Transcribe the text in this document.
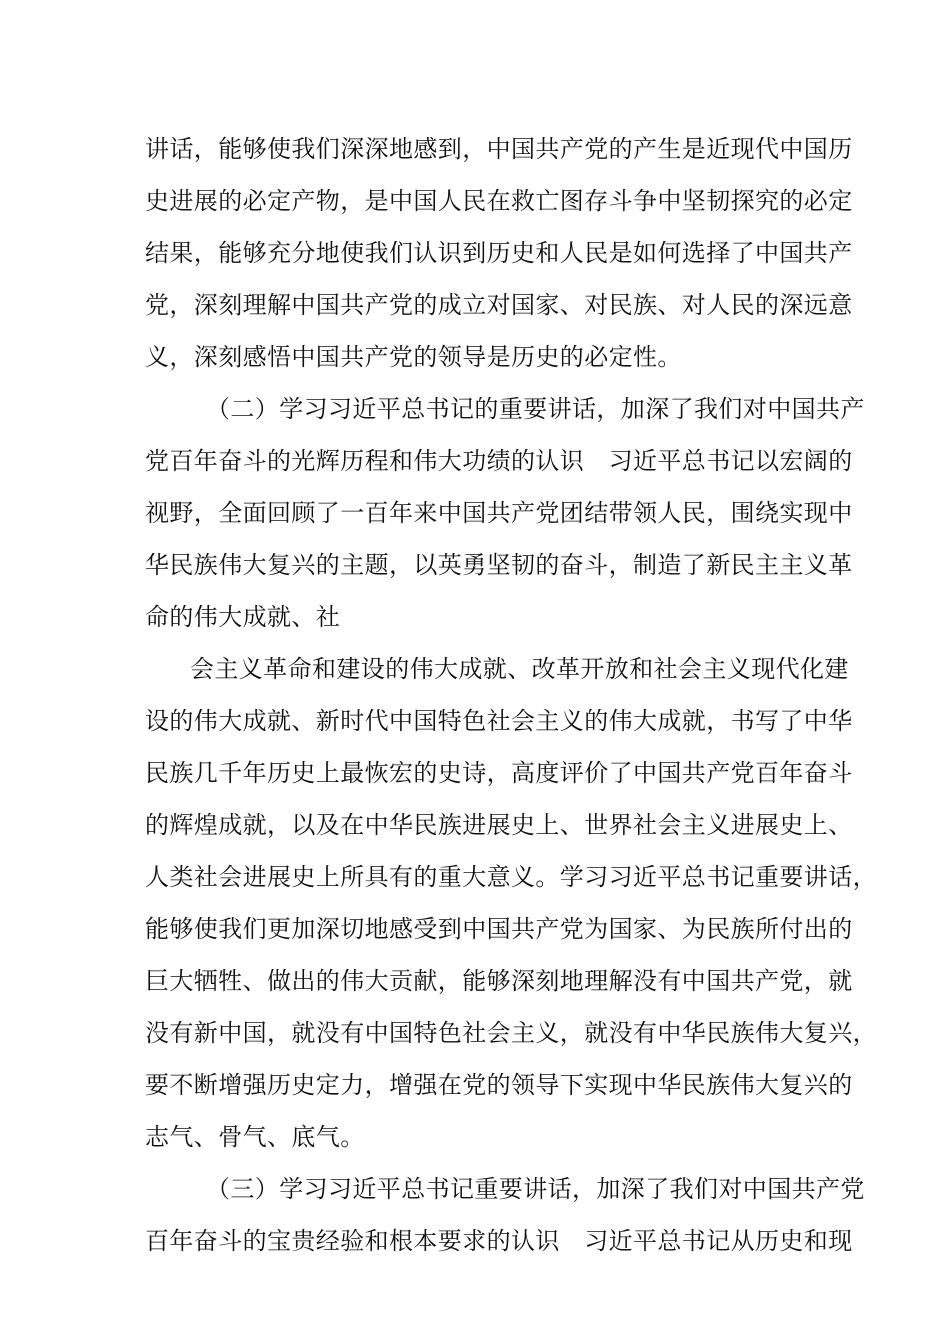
讲话，能够使我们深深地感到，中国共产党的产生是近现代中国历
史进展的必定产物，是中国人民在救亡图存斗争中坚韧探究的必定
结果，能够充分地使我们认识到历史和人民是如何选择了中国共产
党，深刻理解中国共产党的成立对国家、对民族、对人民的深远意
义，深刻感悟中国共产党的领导是历史的必定性。
（二）学习习近平总书记的重要讲话，加深了我们对中国共产
党百年奋斗的光辉历程和伟大功绩的认识　习近平总书记以宏阔的
视野，全面回顾了一百年来中国共产党团结带领人民，围绕实现中
华民族伟大复兴的主题，以英勇坚韧的奋斗，制造了新民主主义革
命的伟大成就、社
会主义革命和建设的伟大成就、改革开放和社会主义现代化建
设的伟大成就、新时代中国特色社会主义的伟大成就，书写了中华
民族几千年历史上最恢宏的史诗，高度评价了中国共产党百年奋斗
的辉煌成就，以及在中华民族进展史上、世界社会主义进展史上、
人类社会进展史上所具有的重大意义。学习习近平总书记重要讲话，
能够使我们更加深切地感受到中国共产党为国家、为民族所付出的
巨大牺牲、做出的伟大贡献，能够深刻地理解没有中国共产党，就
没有新中国，就没有中国特色社会主义，就没有中华民族伟大复兴，
要不断增强历史定力，增强在党的领导下实现中华民族伟大复兴的
志气、骨气、底气。
（三）学习习近平总书记重要讲话，加深了我们对中国共产党
百年奋斗的宝贵经验和根本要求的认识　习近平总书记从历史和现
